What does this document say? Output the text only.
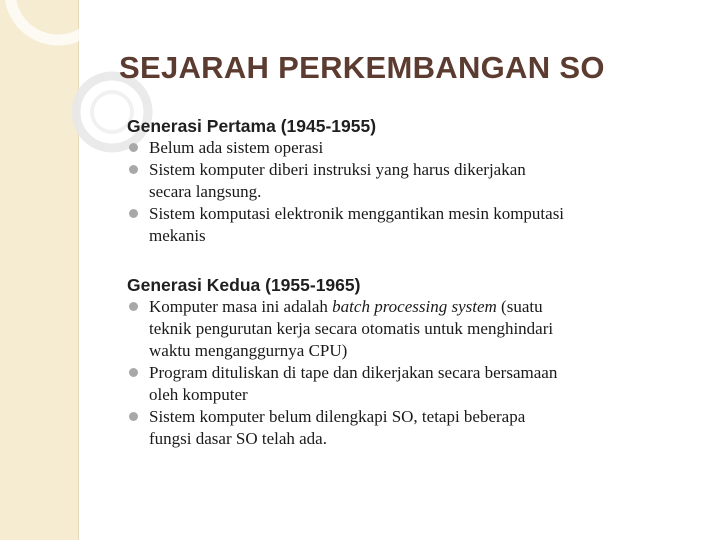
SEJARAH PERKEMBANGAN SO

Generasi Pertama (1945-1955)

Belum ada sistem operasi
Sistem komputer diberi instruksi yang harus dikerjakan secara langsung.
Sistem komputasi elektronik menggantikan mesin komputasi mekanis

Generasi Kedua (1955-1965)

Komputer masa ini adalah batch processing system (suatu teknik pengurutan kerja secara otomatis untuk menghindari waktu menganggurnya CPU)
Program dituliskan di tape dan dikerjakan secara bersamaan oleh komputer
Sistem komputer belum dilengkapi SO, tetapi beberapa fungsi dasar SO telah ada.
